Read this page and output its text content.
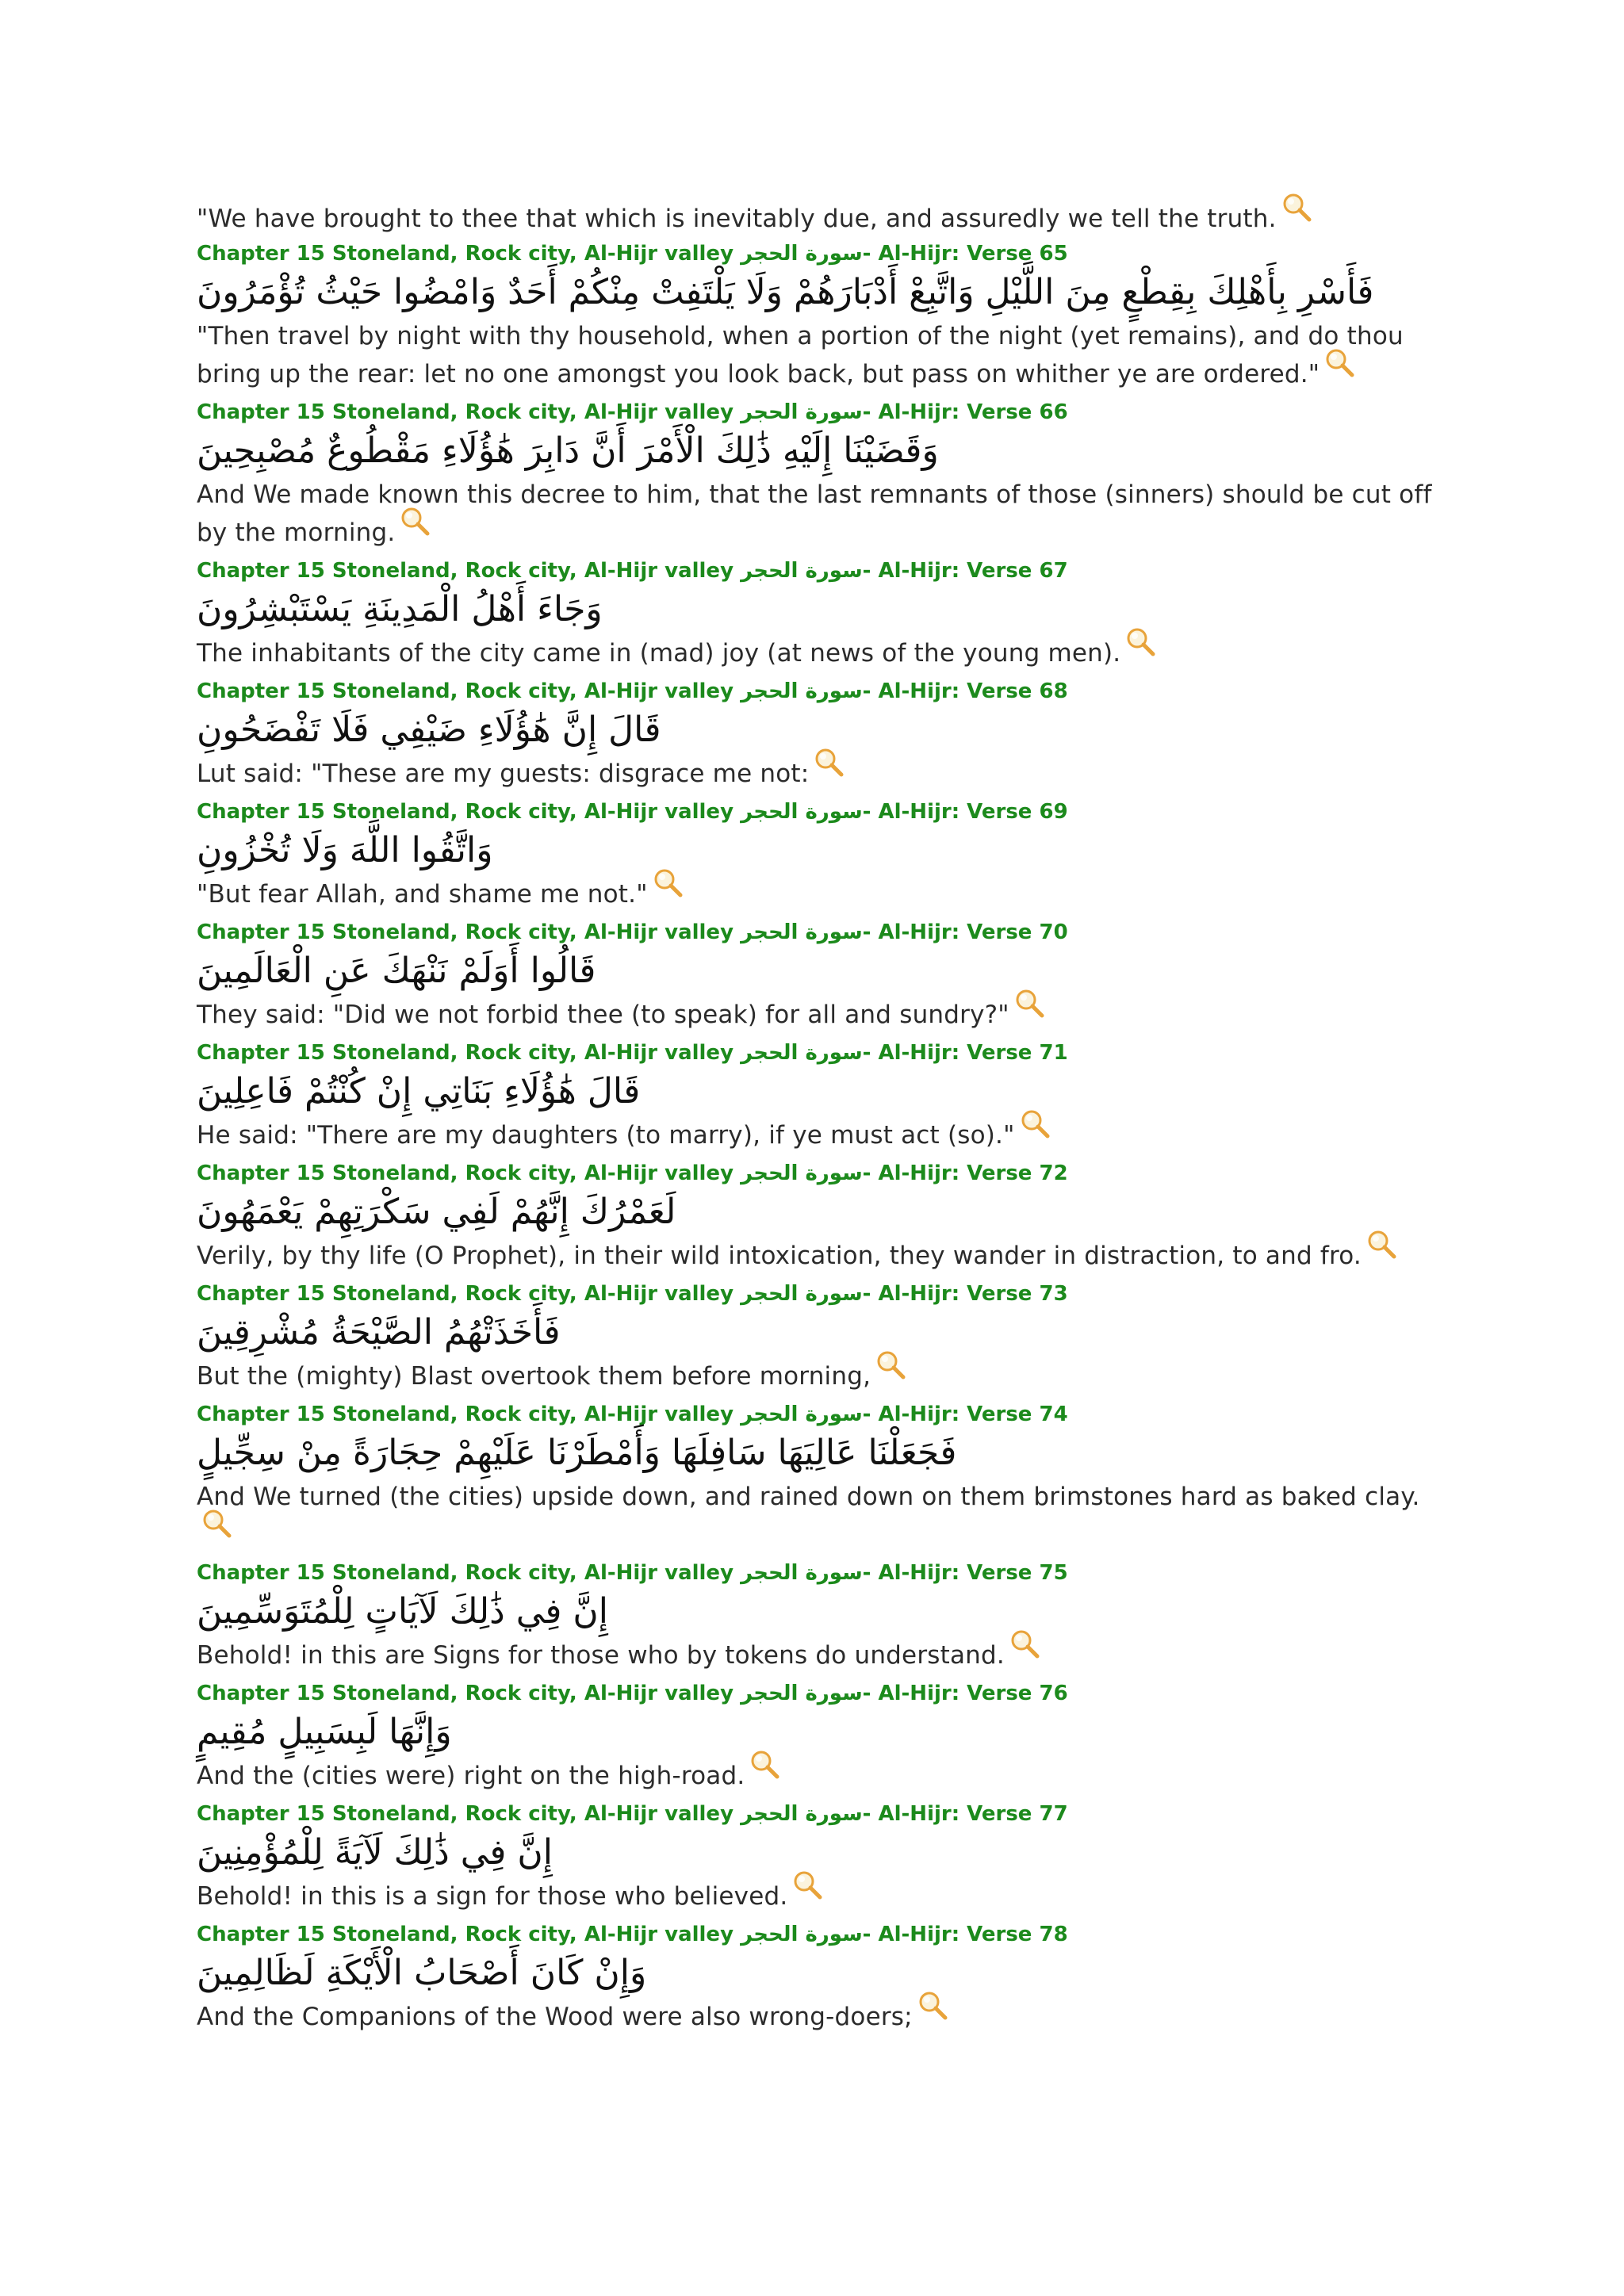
"We have brought to thee that which is inevitably due, and assuredly we tell the truth.
Chapter 15 Stoneland, Rock city, Al-Hijr valley سورة الحجر- Al-Hijr: Verse 65
فَأَسْرِ بِأَهْلِكَ بِقِطْعٍ مِنَ اللَّيْلِ وَاتَّبِعْ أَدْبَارَهُمْ وَلَا يَلْتَفِتْ مِنْكُمْ أَحَدٌ وَامْضُوا حَيْثُ تُؤْمَرُونَ
"Then travel by night with thy household, when a portion of the night (yet remains), and do thou bring up the rear: let no one amongst you look back, but pass on whither ye are ordered."
Chapter 15 Stoneland, Rock city, Al-Hijr valley سورة الحجر- Al-Hijr: Verse 66
وَقَضَيْنَا إِلَيْهِ ذَٰلِكَ الْأَمْرَ أَنَّ دَابِرَ هَٰؤُلَاءِ مَقْطُوعٌ مُصْبِحِينَ
And We made known this decree to him, that the last remnants of those (sinners) should be cut off by the morning.
Chapter 15 Stoneland, Rock city, Al-Hijr valley سورة الحجر- Al-Hijr: Verse 67
وَجَاءَ أَهْلُ الْمَدِينَةِ يَسْتَبْشِرُونَ
The inhabitants of the city came in (mad) joy (at news of the young men).
Chapter 15 Stoneland, Rock city, Al-Hijr valley سورة الحجر- Al-Hijr: Verse 68
قَالَ إِنَّ هَٰؤُلَاءِ ضَيْفِي فَلَا تَفْضَحُونِ
Lut said: "These are my guests: disgrace me not:
Chapter 15 Stoneland, Rock city, Al-Hijr valley سورة الحجر- Al-Hijr: Verse 69
وَاتَّقُوا اللَّهَ وَلَا تُخْزُونِ
"But fear Allah, and shame me not."
Chapter 15 Stoneland, Rock city, Al-Hijr valley سورة الحجر- Al-Hijr: Verse 70
قَالُوا أَوَلَمْ نَنْهَكَ عَنِ الْعَالَمِينَ
They said: "Did we not forbid thee (to speak) for all and sundry?"
Chapter 15 Stoneland, Rock city, Al-Hijr valley سورة الحجر- Al-Hijr: Verse 71
قَالَ هَٰؤُلَاءِ بَنَاتِي إِنْ كُنْتُمْ فَاعِلِينَ
He said: "There are my daughters (to marry), if ye must act (so)."
Chapter 15 Stoneland, Rock city, Al-Hijr valley سورة الحجر- Al-Hijr: Verse 72
لَعَمْرُكَ إِنَّهُمْ لَفِي سَكْرَتِهِمْ يَعْمَهُونَ
Verily, by thy life (O Prophet), in their wild intoxication, they wander in distraction, to and fro.
Chapter 15 Stoneland, Rock city, Al-Hijr valley سورة الحجر- Al-Hijr: Verse 73
فَأَخَذَتْهُمُ الصَّيْحَةُ مُشْرِقِينَ
But the (mighty) Blast overtook them before morning,
Chapter 15 Stoneland, Rock city, Al-Hijr valley سورة الحجر- Al-Hijr: Verse 74
فَجَعَلْنَا عَالِيَهَا سَافِلَهَا وَأَمْطَرْنَا عَلَيْهِمْ حِجَارَةً مِنْ سِجِّيلٍ
And We turned (the cities) upside down, and rained down on them brimstones hard as baked clay.
Chapter 15 Stoneland, Rock city, Al-Hijr valley سورة الحجر- Al-Hijr: Verse 75
إِنَّ فِي ذَٰلِكَ لَآيَاتٍ لِلْمُتَوَسِّمِينَ
Behold! in this are Signs for those who by tokens do understand.
Chapter 15 Stoneland, Rock city, Al-Hijr valley سورة الحجر- Al-Hijr: Verse 76
وَإِنَّهَا لَبِسَبِيلٍ مُقِيمٍ
And the (cities were) right on the high-road.
Chapter 15 Stoneland, Rock city, Al-Hijr valley سورة الحجر- Al-Hijr: Verse 77
إِنَّ فِي ذَٰلِكَ لَآيَةً لِلْمُؤْمِنِينَ
Behold! in this is a sign for those who believed.
Chapter 15 Stoneland, Rock city, Al-Hijr valley سورة الحجر- Al-Hijr: Verse 78
وَإِنْ كَانَ أَصْحَابُ الْأَيْكَةِ لَظَالِمِينَ
And the Companions of the Wood were also wrong-doers;
